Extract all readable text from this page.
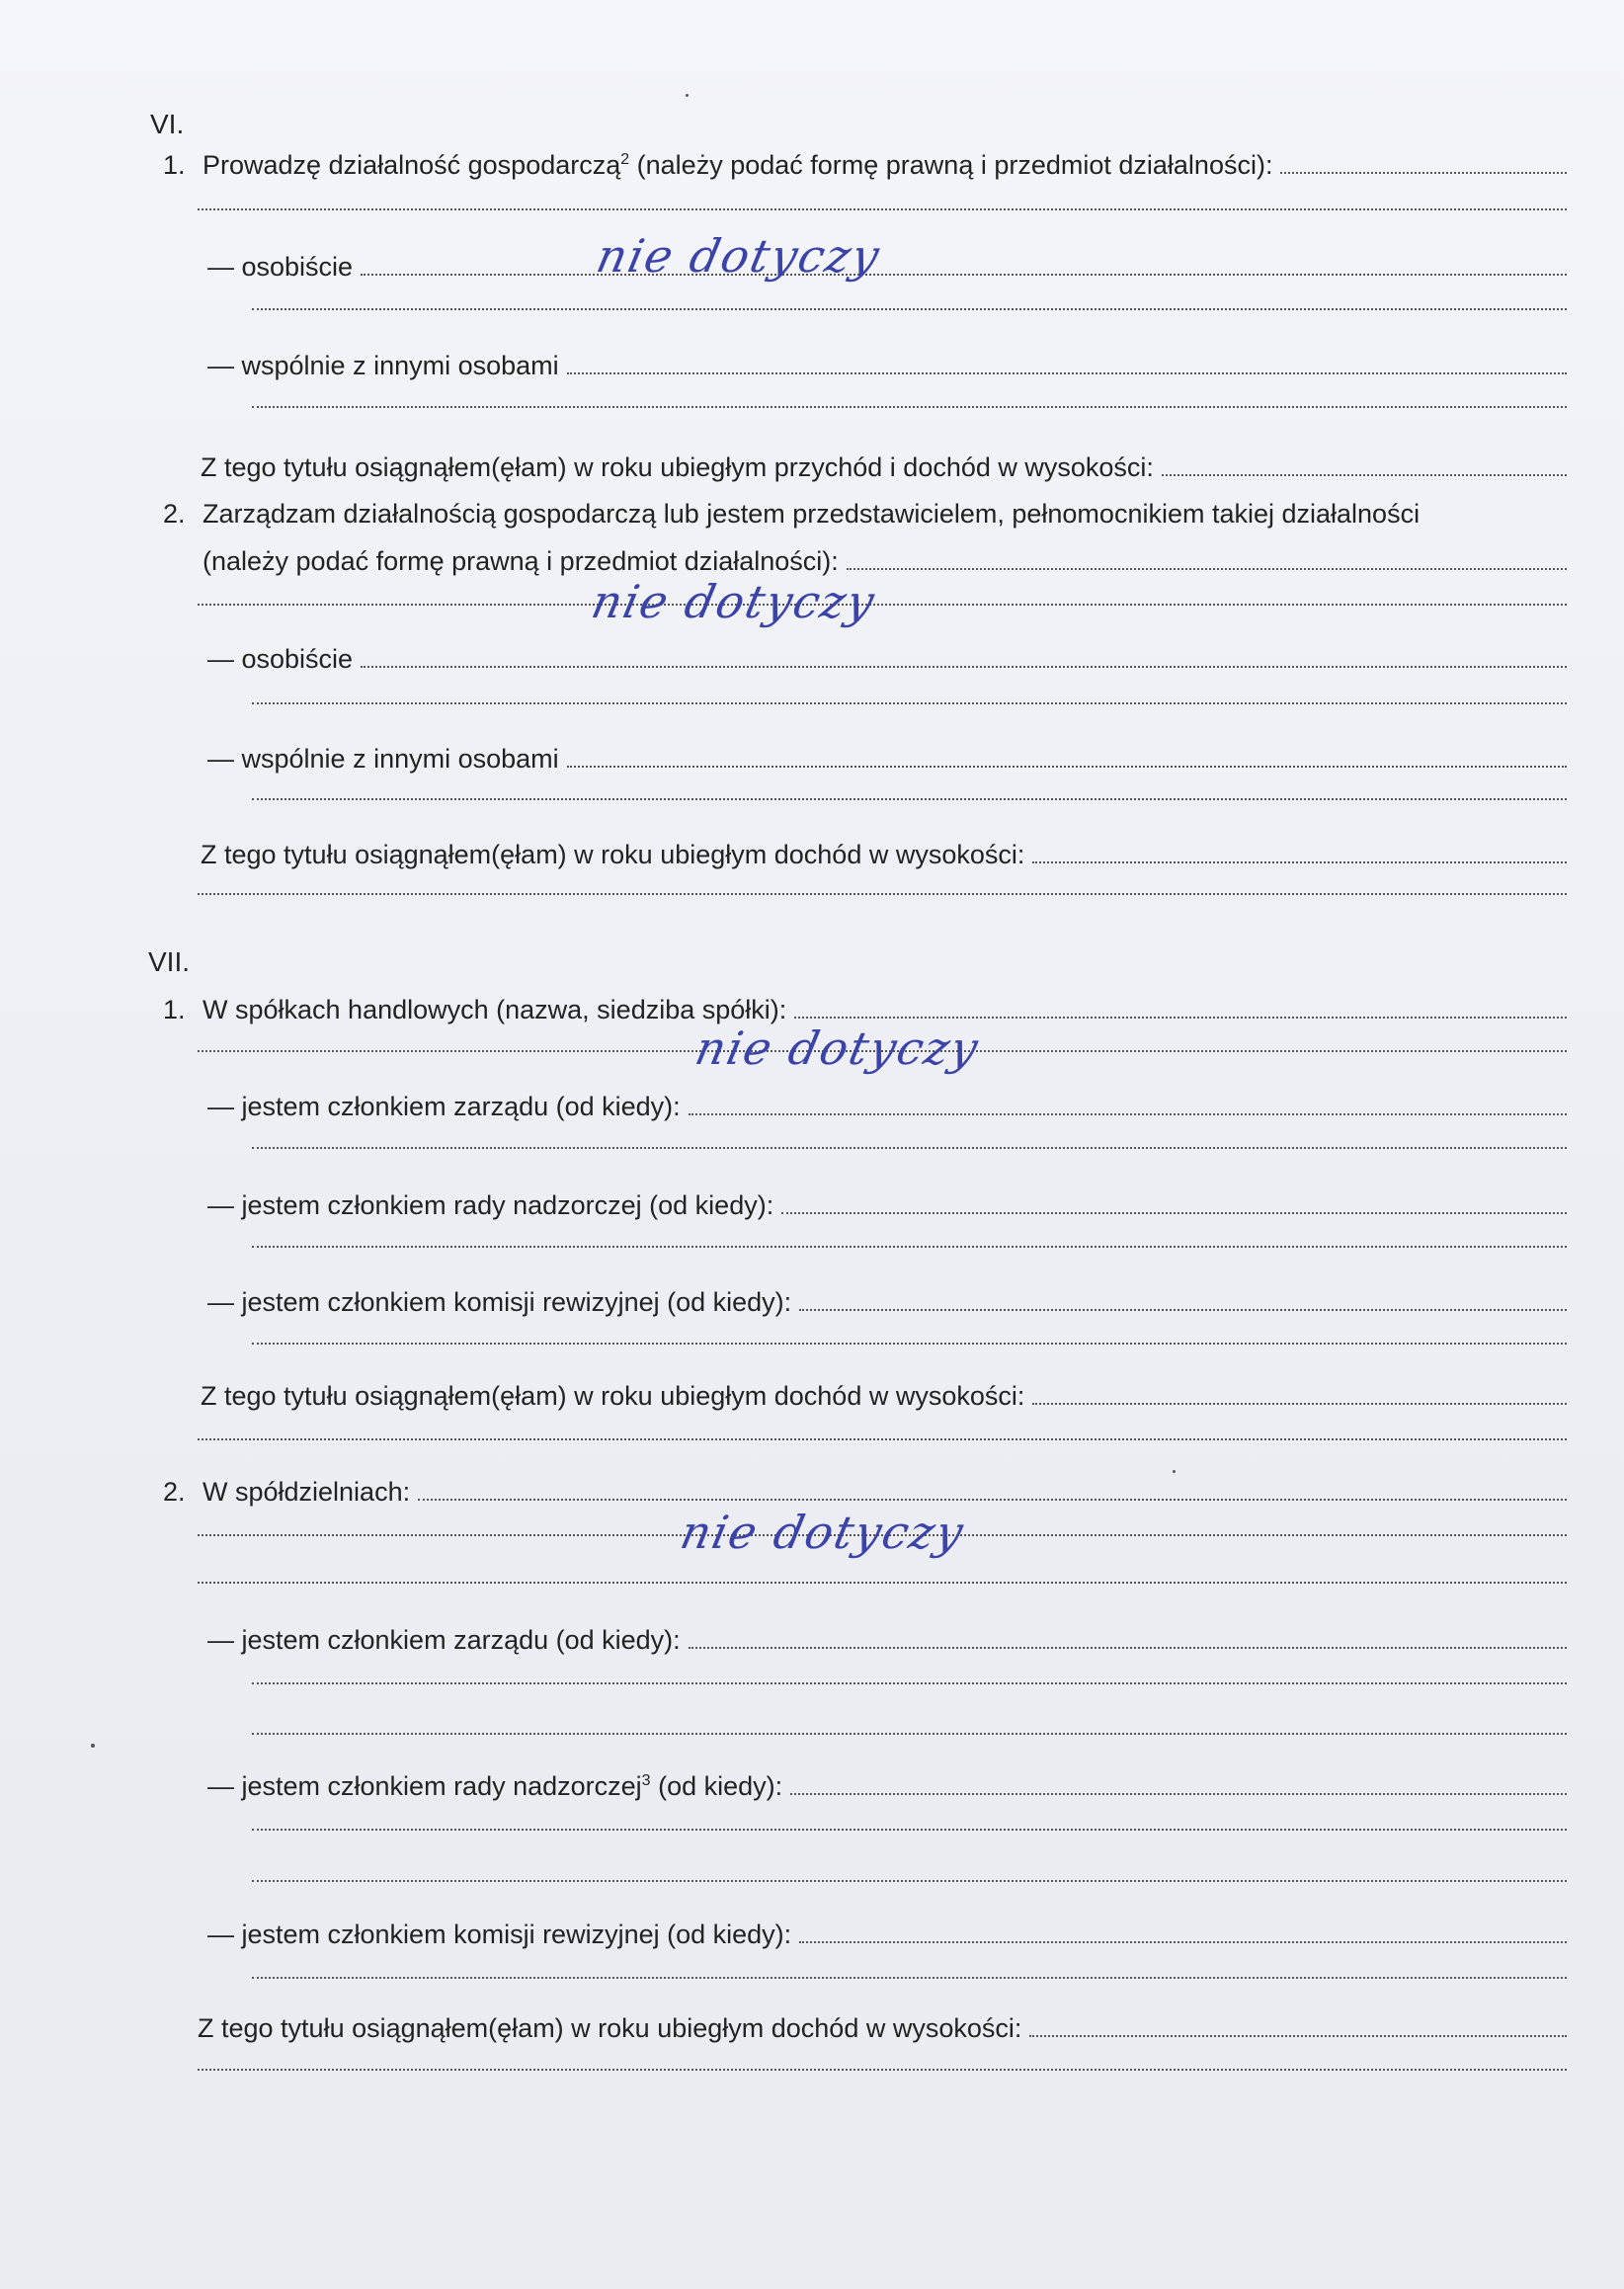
VI.
1. Prowadzę działalność gospodarczą$^2$ (należy podać formę prawną i przedmiot działalności):
— osobiście	nie dotyczy
— wspólnie z innymi osobami
Z tego tytułu osiągnąłem(ęłam) w roku ubiegłym przychód i dochód w wysokości:
2. Zarządzam działalnością gospodarczą lub jestem przedstawicielem, pełnomocnikiem takiej działalności
(należy podać formę prawną i przedmiot działalności):
nie dotyczy
— osobiście
— wspólnie z innymi osobami
Z tego tytułu osiągnąłem(ęłam) w roku ubiegłym dochód w wysokości:
VII.
1. W spółkach handlowych (nazwa, siedziba spółki):
nie dotyczy
— jestem członkiem zarządu (od kiedy):
— jestem członkiem rady nadzorczej (od kiedy):
— jestem członkiem komisji rewizyjnej (od kiedy):
Z tego tytułu osiągnąłem(ęłam) w roku ubiegłym dochód w wysokości:
2. W spółdzielniach:
nie dotyczy
— jestem członkiem zarządu (od kiedy):
— jestem członkiem rady nadzorczej$^3$ (od kiedy):
— jestem członkiem komisji rewizyjnej (od kiedy):
Z tego tytułu osiągnąłem(ęłam) w roku ubiegłym dochód w wysokości:
